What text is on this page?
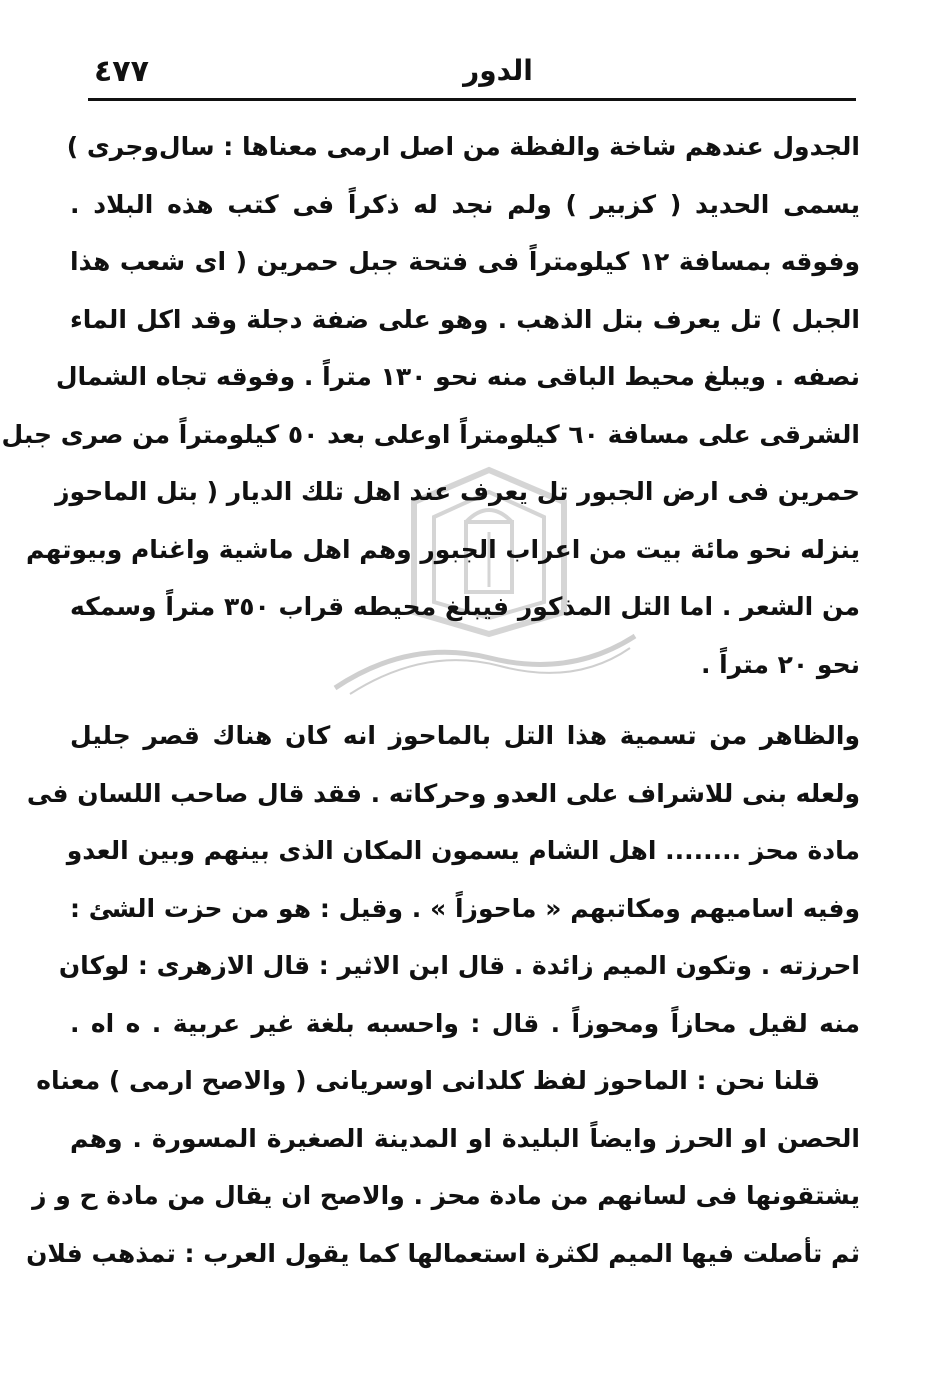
٤٧٧	الدور
الجدول عندهم شاخة والفظة من اصل ارمى معناها : سال‌وجرى )
يسمى الحديد ( كزبير ) ولم نجد له ذكراً فى كتب هذه البلاد .
وفوقه بمسافة ١٢ كيلومتراً فى فتحة جبل حمرين ( اى شعب هذا
الجبل ) تل يعرف بتل الذهب . وهو على ضفة دجلة وقد اكل الماء
نصفه . ويبلغ محيط الباقى منه نحو ١٣٠ متراً . وفوقه تجاه الشمال
الشرقى على مسافة ٦٠ كيلومتراً اوعلى بعد ٥٠ كيلومتراً من صرى جبل
حمرين فى ارض الجبور تل يعرف عند اهل تلك الديار ( بتل الماحوز
ينزله نحو مائة بيت من اعراب الجبور وهم اهل ماشية واغنام وبيوتهم
من الشعر . اما التل المذكور فيبلغ محيطه قراب ٣٥٠ متراً وسمكه
نحو ٢٠ متراً .
والظاهر من تسمية هذا التل بالماحوز انه كان هناك قصر جليل
ولعله بنى للاشراف على العدو وحركاته . فقد قال صاحب اللسان فى
مادة محز ........ اهل الشام يسمون المكان الذى بينهم وبين العدو
وفيه اساميهم ومكاتبهم « ماحوزاً » . وقيل : هو من حزت الشئ :
احرزته . وتكون الميم زائدة . قال ابن الاثير : قال الازهرى : لوكان
منه لقيل محازاً ومحوزاً . قال : واحسبه بلغة غير عربية . ه اه .
قلنا نحن : الماحوز لفظ كلدانى اوسريانى ( والاصح ارمى ) معناه
الحصن او الحرز وايضاً البليدة او المدينة الصغيرة المسورة . وهم
يشتقونها فى لسانهم من مادة محز . والاصح ان يقال من مادة ح و ز
ثم تأصلت فيها الميم لكثرة استعمالها كما يقول العرب : تمذهب فلان
